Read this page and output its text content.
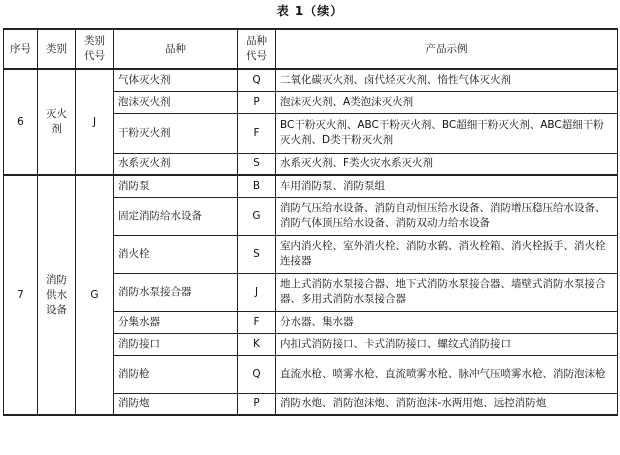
表 1（续）
序号	类别	类别代号	品种	品种代号	产品示例
6	灭火剂	J	气体灭火剂	Q	二氧化碳灭火剂、卤代烃灭火剂、惰性气体灭火剂
			泡沫灭火剂	P	泡沫灭火剂、A类泡沫灭火剂
			干粉灭火剂	F	BC干粉灭火剂、ABC干粉灭火剂、BC超细干粉灭火剂、ABC超细干粉灭火剂、D类干粉灭火剂
			水系灭火剂	S	水系灭火剂、F类火灾水系灭火剂
7	消防供水设备	G	消防泵	B	车用消防泵、消防泵组
			固定消防给水设备	G	消防气压给水设备、消防自动恒压给水设备、消防增压稳压给水设备、消防气体顶压给水设备、消防双动力给水设备
			消火栓	S	室内消火栓、室外消火栓、消防水鹤、消火栓箱、消火栓扳手、消火栓连接器
			消防水泵接合器	J	地上式消防水泵接合器、地下式消防水泵接合器、墙壁式消防水泵接合器、多用式消防水泵接合器
			分集水器	F	分水器、集水器
			消防接口	K	内扣式消防接口、卡式消防接口、螺纹式消防接口
			消防枪	Q	直流水枪、喷雾水枪、直流喷雾水枪、脉冲气压喷雾水枪、消防泡沫枪
			消防炮	P	消防水炮、消防泡沫炮、消防泡沫-水两用炮、远控消防炮
